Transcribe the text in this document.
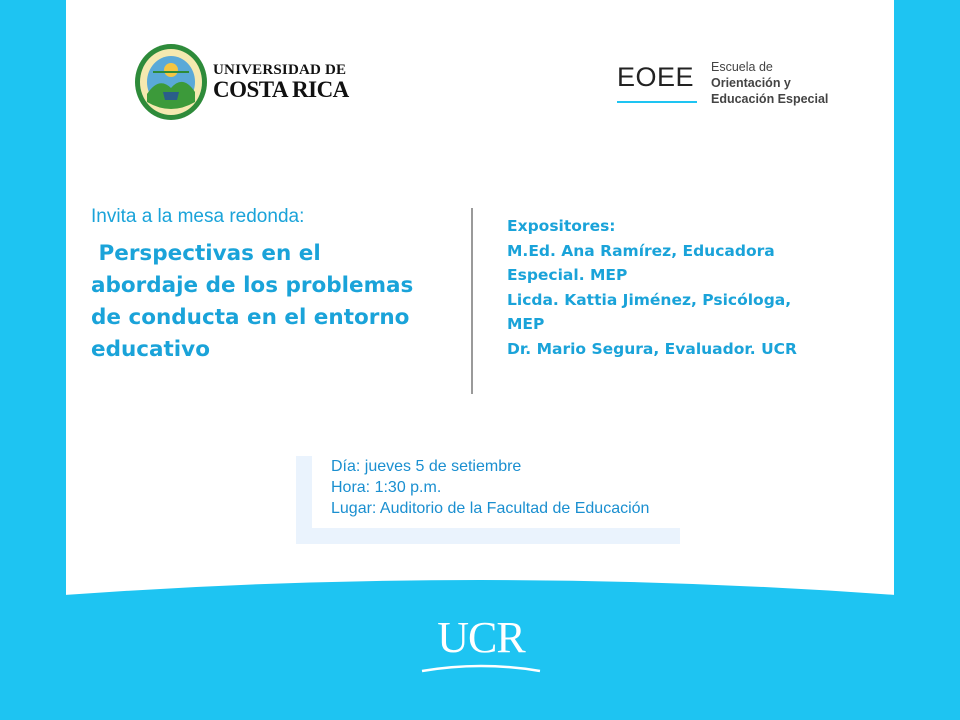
UNIVERSIDAD DE
COSTA RICA	EOEE Escuela de
Orientación y
Educación Especial
Invita a la mesa redonda:
Perspectivas en el
abordaje de los problemas
de conducta en el entorno
educativo
Expositores:
M.Ed. Ana Ramírez, Educadora
Especial. MEP
Licda. Kattia Jiménez, Psicóloga,
MEP
Dr. Mario Segura, Evaluador. UCR
Día: jueves 5 de setiembre
Hora: 1:30 p.m.
Lugar: Auditorio de la Facultad de Educación
UCR
